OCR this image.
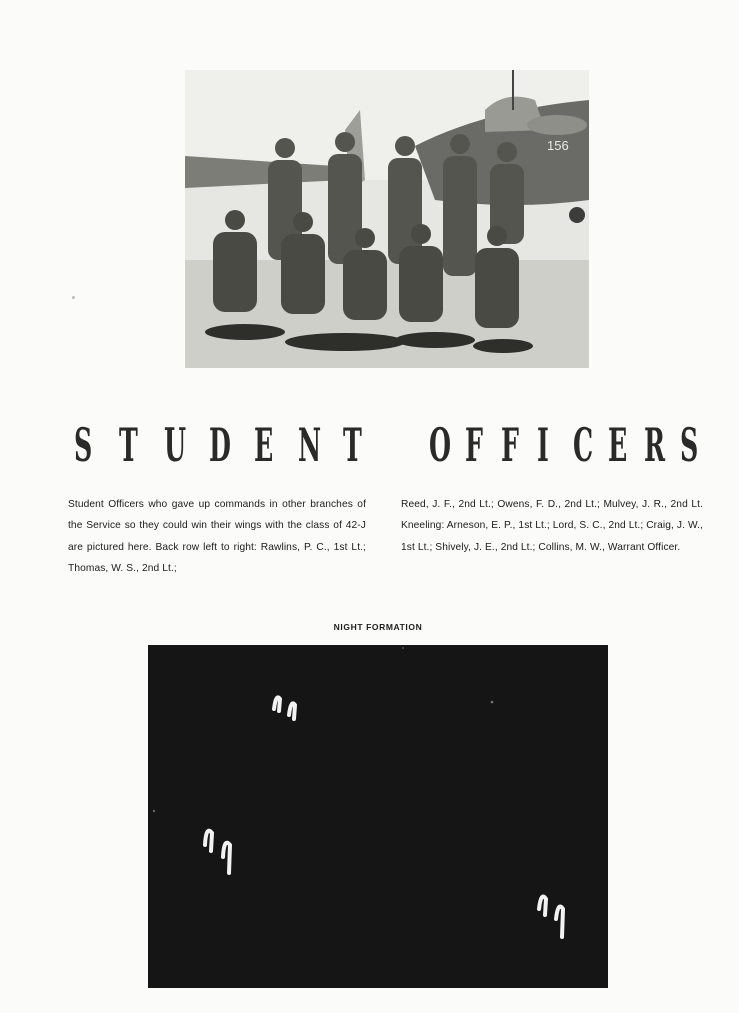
156
S T U D E N T O F F I C E R S
Student Officers who gave up commands in other branches of the Service so they could win their wings with the class of 42-J are pictured here. Back row left to right: Rawlins, P. C., 1st Lt.; Thomas, W. S., 2nd Lt.;
Reed, J. F., 2nd Lt.; Owens, F. D., 2nd Lt.; Mulvey, J. R., 2nd Lt. Kneeling: Arneson, E. P., 1st Lt.; Lord, S. C., 2nd Lt.; Craig, J. W., 1st Lt.; Shively, J. E., 2nd Lt.; Collins, M. W., Warrant Officer.
NIGHT FORMATION
